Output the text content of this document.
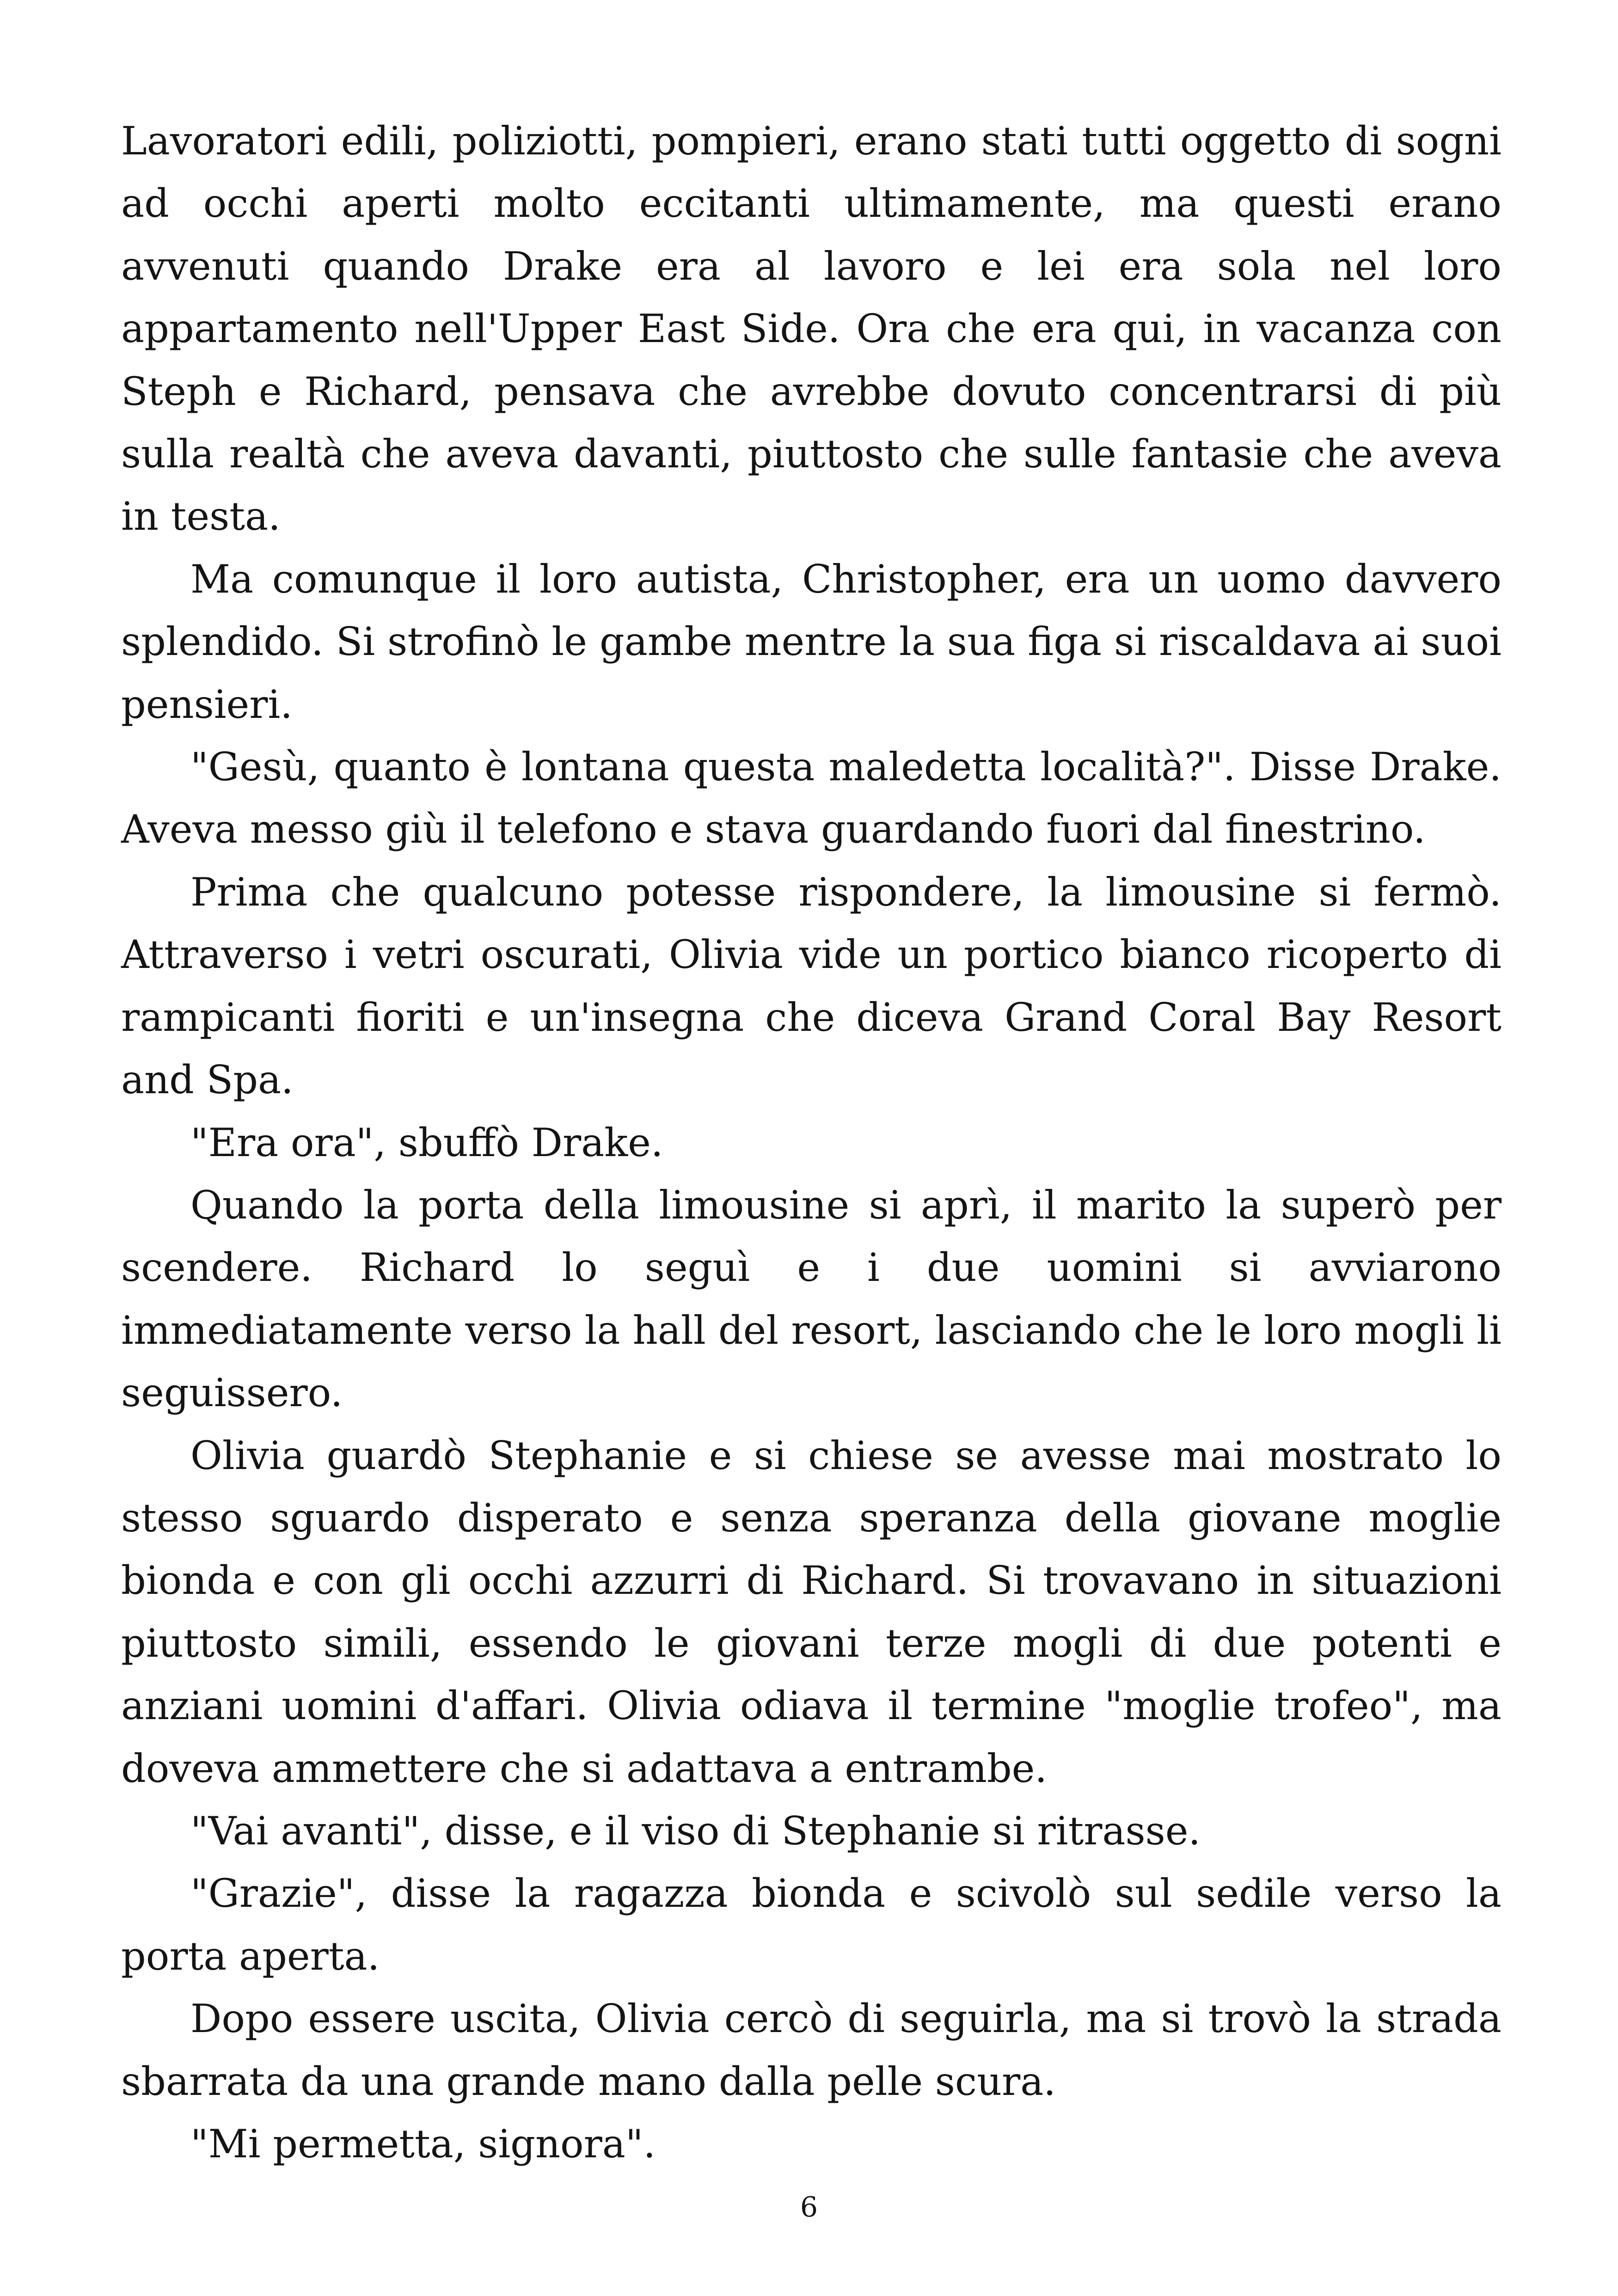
Lavoratori edili, poliziotti, pompieri, erano stati tutti oggetto di sogni ad occhi aperti molto eccitanti ultimamente, ma questi erano avvenuti quando Drake era al lavoro e lei era sola nel loro appartamento nell'Upper East Side. Ora che era qui, in vacanza con Steph e Richard, pensava che avrebbe dovuto concentrarsi di più sulla realtà che aveva davanti, piuttosto che sulle fantasie che aveva in testa.

Ma comunque il loro autista, Christopher, era un uomo davvero splendido. Si strofinò le gambe mentre la sua figa si riscaldava ai suoi pensieri.

"Gesù, quanto è lontana questa maledetta località?". Disse Drake. Aveva messo giù il telefono e stava guardando fuori dal finestrino.

Prima che qualcuno potesse rispondere, la limousine si fermò. Attraverso i vetri oscurati, Olivia vide un portico bianco ricoperto di rampicanti fioriti e un'insegna che diceva Grand Coral Bay Resort and Spa.

"Era ora", sbuffò Drake.

Quando la porta della limousine si aprì, il marito la superò per scendere. Richard lo seguì e i due uomini si avviarono immediatamente verso la hall del resort, lasciando che le loro mogli li seguissero.

Olivia guardò Stephanie e si chiese se avesse mai mostrato lo stesso sguardo disperato e senza speranza della giovane moglie bionda e con gli occhi azzurri di Richard. Si trovavano in situazioni piuttosto simili, essendo le giovani terze mogli di due potenti e anziani uomini d'affari. Olivia odiava il termine "moglie trofeo", ma doveva ammettere che si adattava a entrambe.

"Vai avanti", disse, e il viso di Stephanie si ritrasse.

"Grazie", disse la ragazza bionda e scivolò sul sedile verso la porta aperta.

Dopo essere uscita, Olivia cercò di seguirla, ma si trovò la strada sbarrata da una grande mano dalla pelle scura.

"Mi permetta, signora".

6
